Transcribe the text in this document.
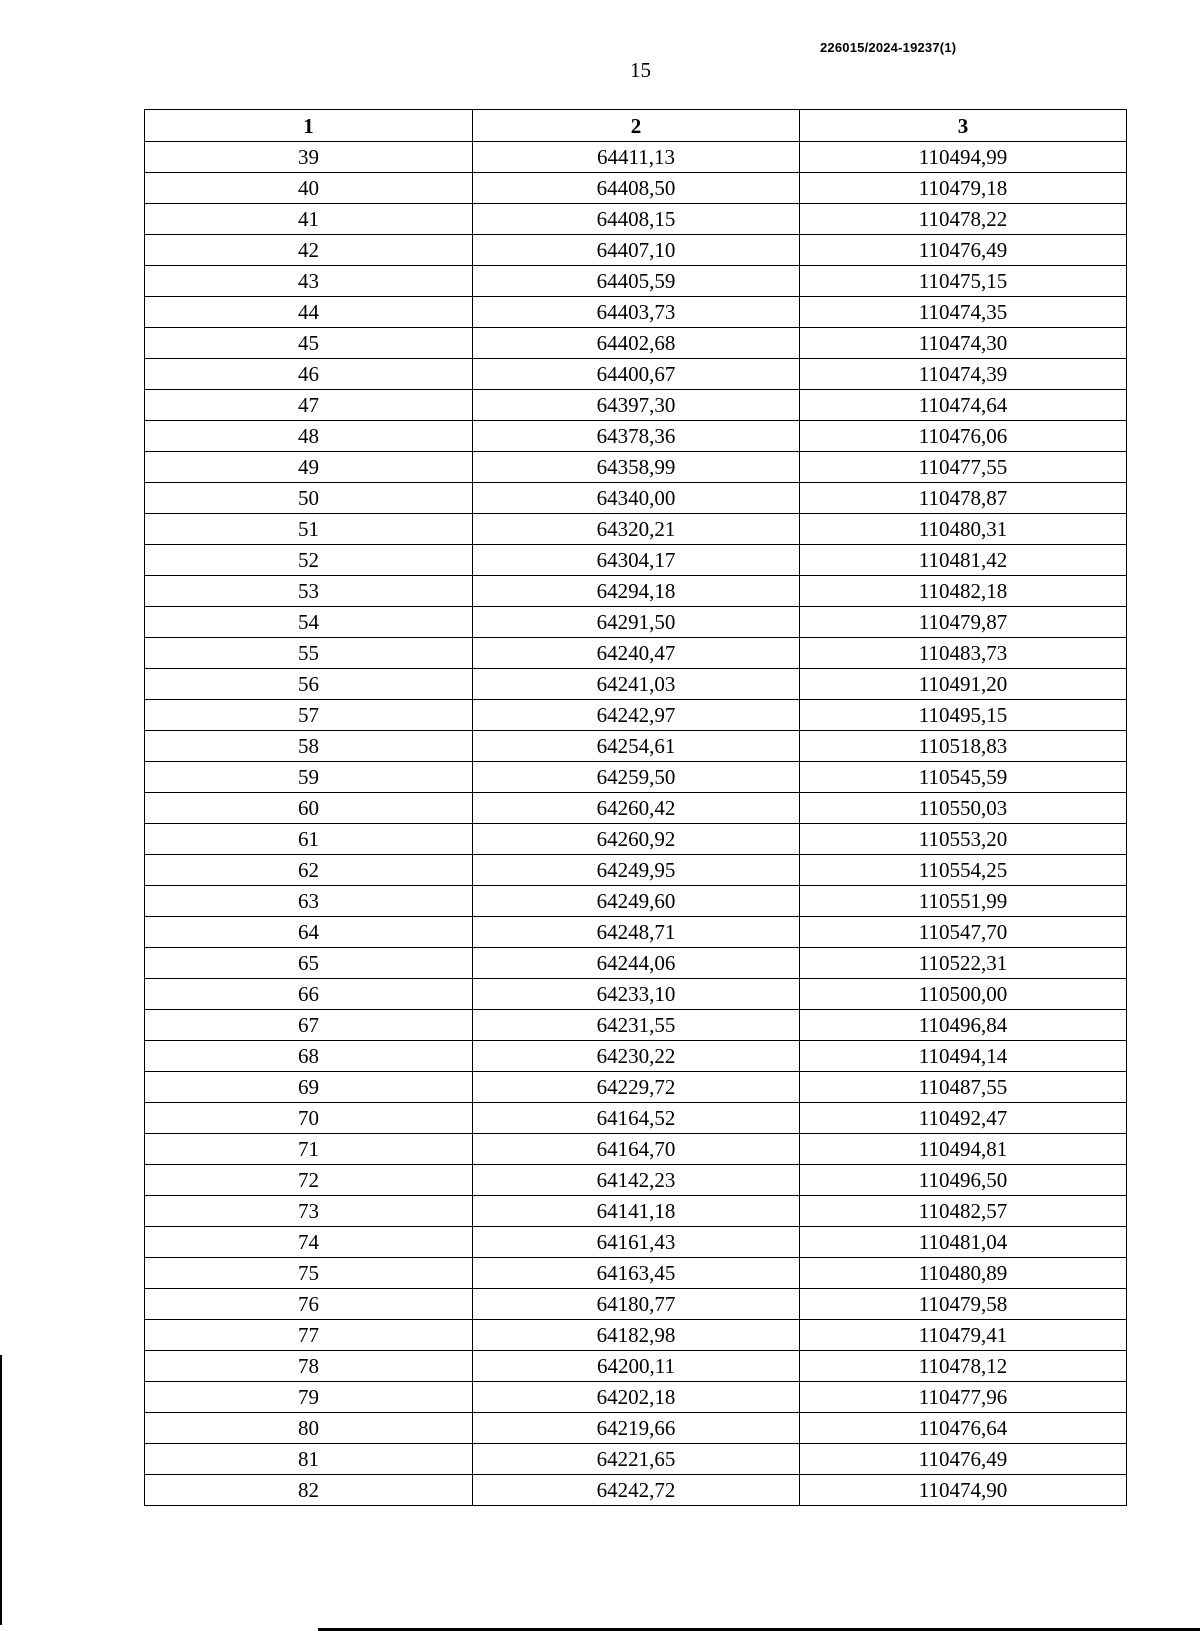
226015/2024-19237(1)
15
1	2	3
39	64411,13	110494,99
40	64408,50	110479,18
41	64408,15	110478,22
42	64407,10	110476,49
43	64405,59	110475,15
44	64403,73	110474,35
45	64402,68	110474,30
46	64400,67	110474,39
47	64397,30	110474,64
48	64378,36	110476,06
49	64358,99	110477,55
50	64340,00	110478,87
51	64320,21	110480,31
52	64304,17	110481,42
53	64294,18	110482,18
54	64291,50	110479,87
55	64240,47	110483,73
56	64241,03	110491,20
57	64242,97	110495,15
58	64254,61	110518,83
59	64259,50	110545,59
60	64260,42	110550,03
61	64260,92	110553,20
62	64249,95	110554,25
63	64249,60	110551,99
64	64248,71	110547,70
65	64244,06	110522,31
66	64233,10	110500,00
67	64231,55	110496,84
68	64230,22	110494,14
69	64229,72	110487,55
70	64164,52	110492,47
71	64164,70	110494,81
72	64142,23	110496,50
73	64141,18	110482,57
74	64161,43	110481,04
75	64163,45	110480,89
76	64180,77	110479,58
77	64182,98	110479,41
78	64200,11	110478,12
79	64202,18	110477,96
80	64219,66	110476,64
81	64221,65	110476,49
82	64242,72	110474,90
